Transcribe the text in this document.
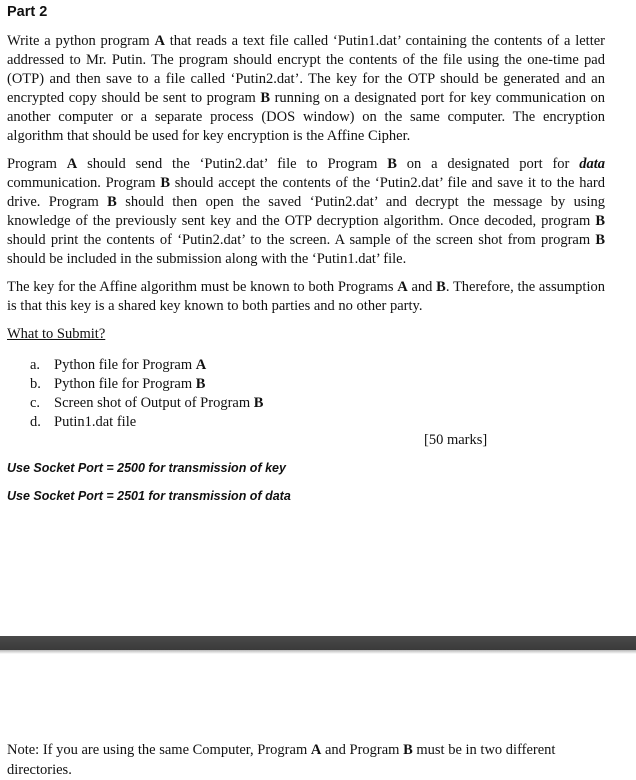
Part 2

Write a python program A that reads a text file called ‘Putin1.dat’ containing the contents of a letter addressed to Mr. Putin. The program should encrypt the contents of the file using the one-time pad (OTP) and then save to a file called ‘Putin2.dat’. The key for the OTP should be generated and an encrypted copy should be sent to program B running on a designated port for key communication on another computer or a separate process (DOS window) on the same computer. The encryption algorithm that should be used for key encryption is the Affine Cipher.

Program A should send the ‘Putin2.dat’ file to Program B on a designated port for data communication. Program B should accept the contents of the ‘Putin2.dat’ file and save it to the hard drive. Program B should then open the saved ‘Putin2.dat’ and decrypt the message by using knowledge of the previously sent key and the OTP decryption algorithm. Once decoded, program B should print the contents of ‘Putin2.dat’ to the screen. A sample of the screen shot from program B should be included in the submission along with the ‘Putin1.dat’ file.

The key for the Affine algorithm must be known to both Programs A and B. Therefore, the assumption is that this key is a shared key known to both parties and no other party.

What to Submit?
a. Python file for Program A
b. Python file for Program B
c. Screen shot of Output of Program B
d. Putin1.dat file
[50 marks]
Use Socket Port = 2500 for transmission of key
Use Socket Port = 2501 for transmission of data

Note: If you are using the same Computer, Program A and Program B must be in two different directories.
